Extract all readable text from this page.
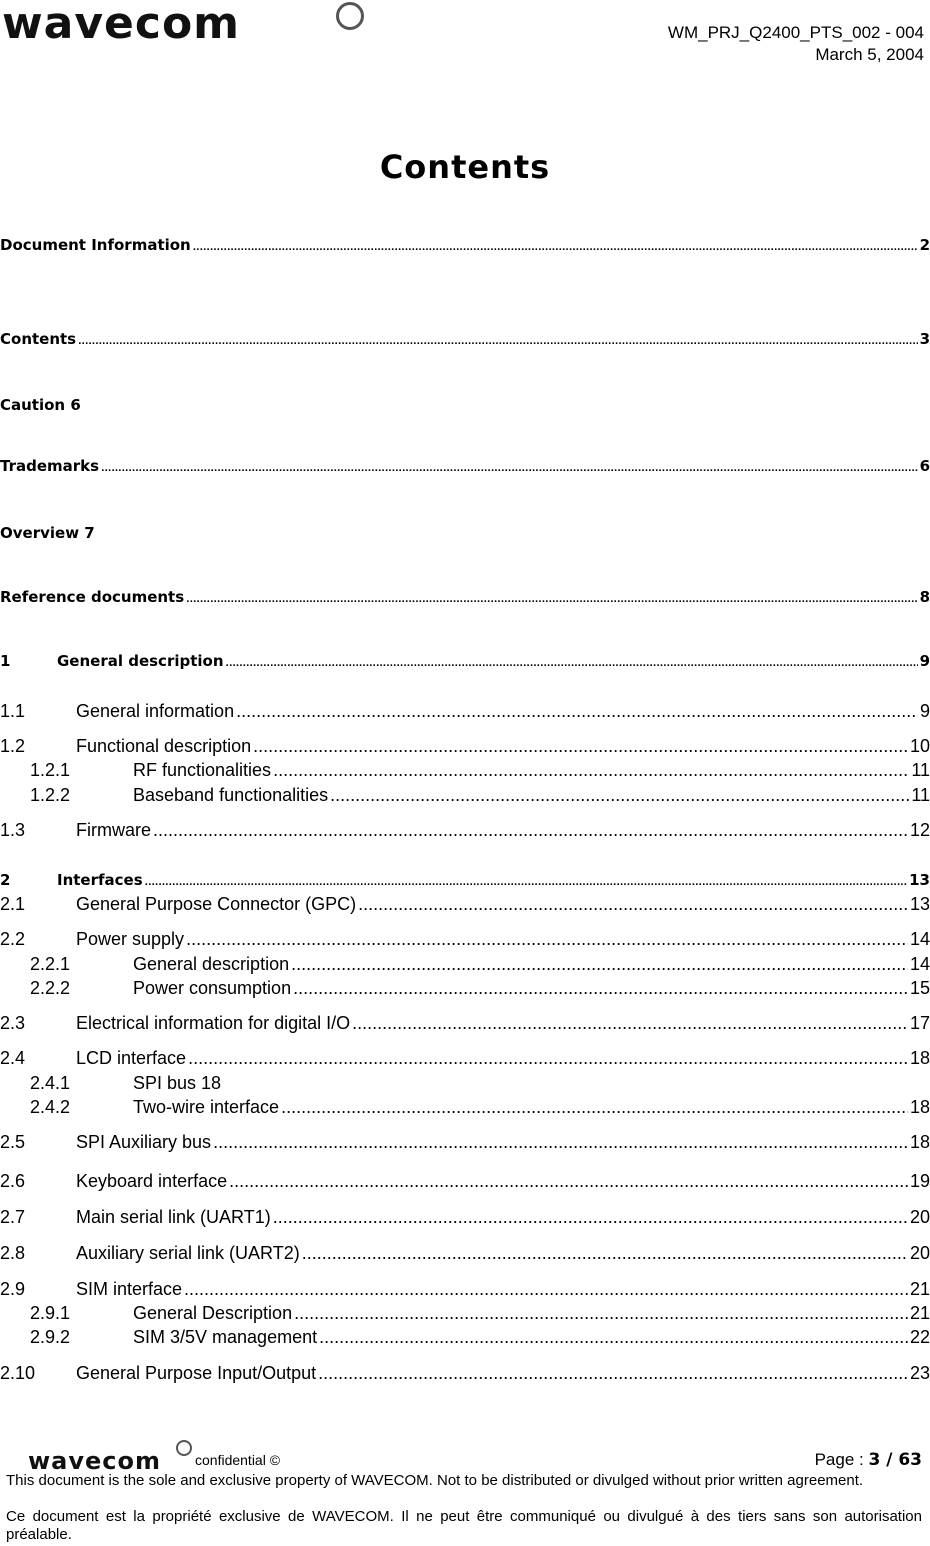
wavecom	WM_PRJ_Q2400_PTS_002 - 004
March 5, 2004
Contents
Document Information .....	2
Contents .....	3
Caution 6
Trademarks .....	6
Overview 7
Reference documents .....	8
1	General description .....	9
1.1	General information .....	9
1.2	Functional description .....	10
1.2.1	RF functionalities .....	11
1.2.2	Baseband functionalities .....	11
1.3	Firmware .....	12
2	Interfaces .....	13
2.1	General Purpose Connector (GPC) .....	13
2.2	Power supply .....	14
2.2.1	General description .....	14
2.2.2	Power consumption .....	15
2.3	Electrical information for digital I/O .....	17
2.4	LCD interface .....	18
2.4.1	SPI bus 18
2.4.2	Two-wire interface .....	18
2.5	SPI Auxiliary bus .....	18
2.6	Keyboard interface .....	19
2.7	Main serial link (UART1) .....	20
2.8	Auxiliary serial link (UART2) .....	20
2.9	SIM interface .....	21
2.9.1	General Description .....	21
2.9.2	SIM 3/5V management .....	22
2.10	General Purpose Input/Output .....	23
wavecom confidential ©	Page : 3 / 63
This document is the sole and exclusive property of WAVECOM. Not to be distributed or divulged without prior written agreement.
Ce document est la propriété exclusive de WAVECOM. Il ne peut être communiqué ou divulgué à des tiers sans son autorisation préalable.
